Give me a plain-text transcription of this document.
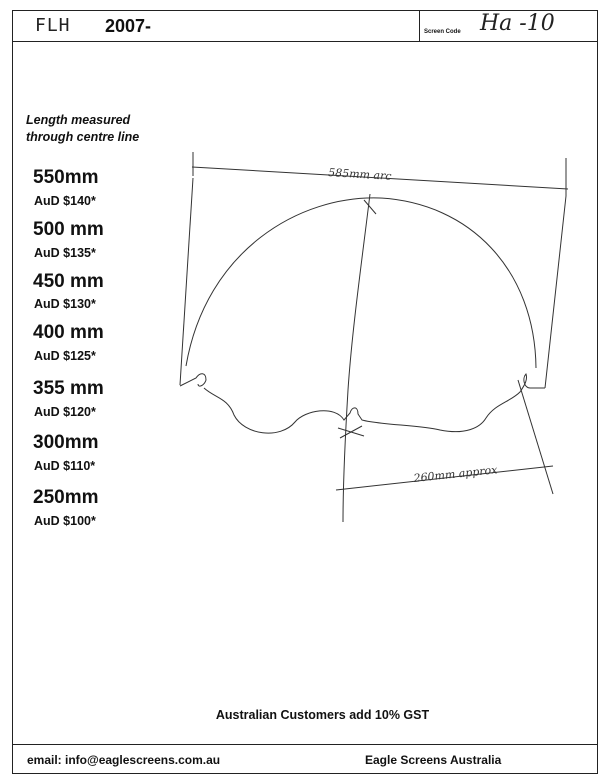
FLH 2007-	Screen Code Ha -10
email: info@eaglescreens.com.au	Eagle Screens Australia
Length measured
through centre line
550mm
AuD $140*
500 mm
AuD $135*
450 mm
AuD $130*
400 mm
AuD $125*
355 mm
AuD $120*
300mm
AuD $110*
250mm
AuD $100*
585mm arc
260mm approx
Australian Customers add 10% GST
